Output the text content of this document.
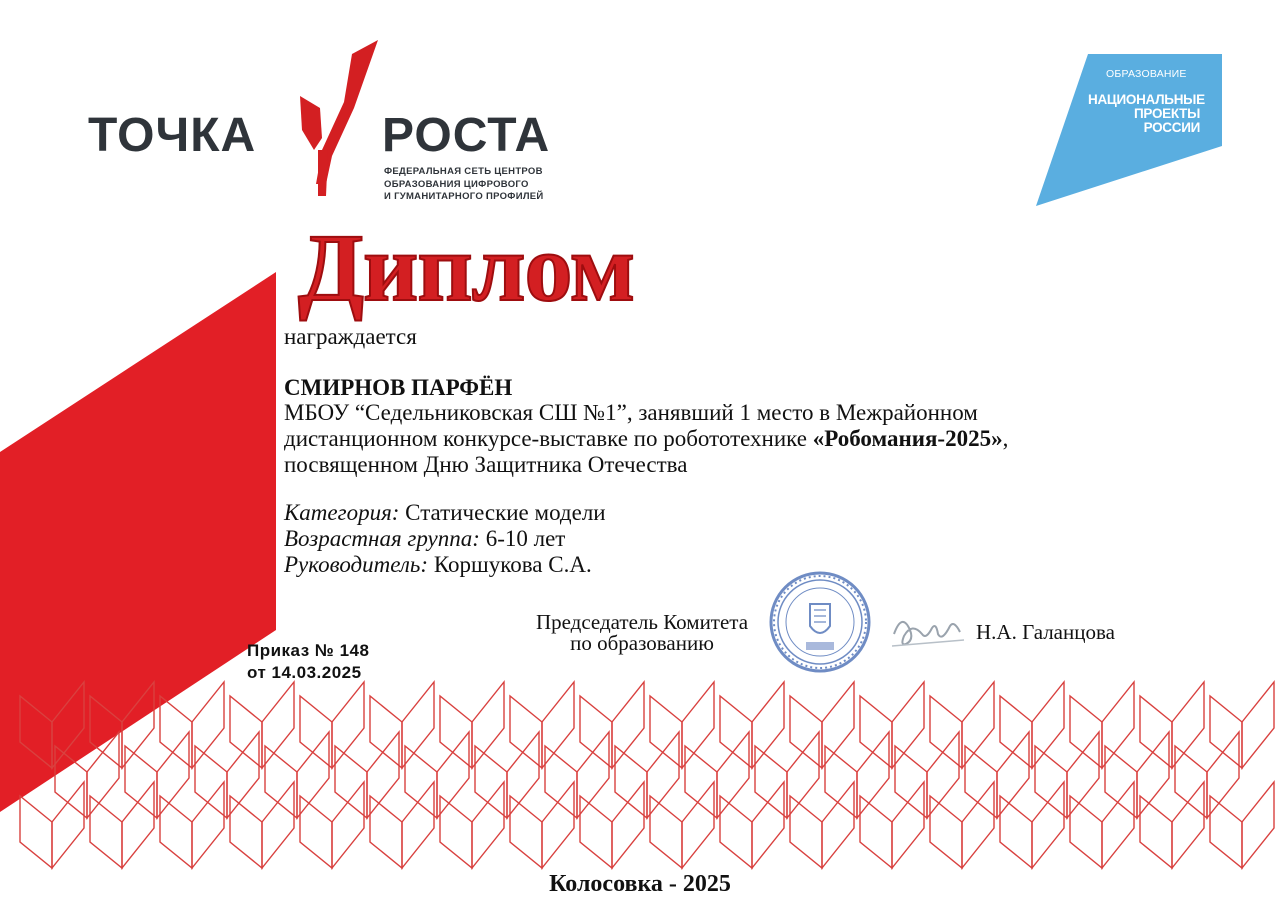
ТОЧКА	РОСТА
ФЕДЕРАЛЬНАЯ СЕТЬ ЦЕНТРОВ
ОБРАЗОВАНИЯ ЦИФРОВОГО
И ГУМАНИТАРНОГО ПРОФИЛЕЙ
ОБРАЗОВАНИЕ
НАЦИОНАЛЬНЫЕ
ПРОЕКТЫ
РОССИИ
Диплом
награждается
СМИРНОВ ПАРФЁН
МБОУ “Седельниковская СШ №1”, занявший 1 место в Межрайонном
дистанционном конкурсе-выставке по робототехнике «Робомания-2025»,
посвященном Дню Защитника Отечества
Категория: Статические модели
Возрастная группа: 6-10 лет
Руководитель: Коршукова С.А.
Приказ № 148
от 14.03.2025
Председатель Комитета
по образованию	Н.А. Галанцова
Колосовка - 2025
